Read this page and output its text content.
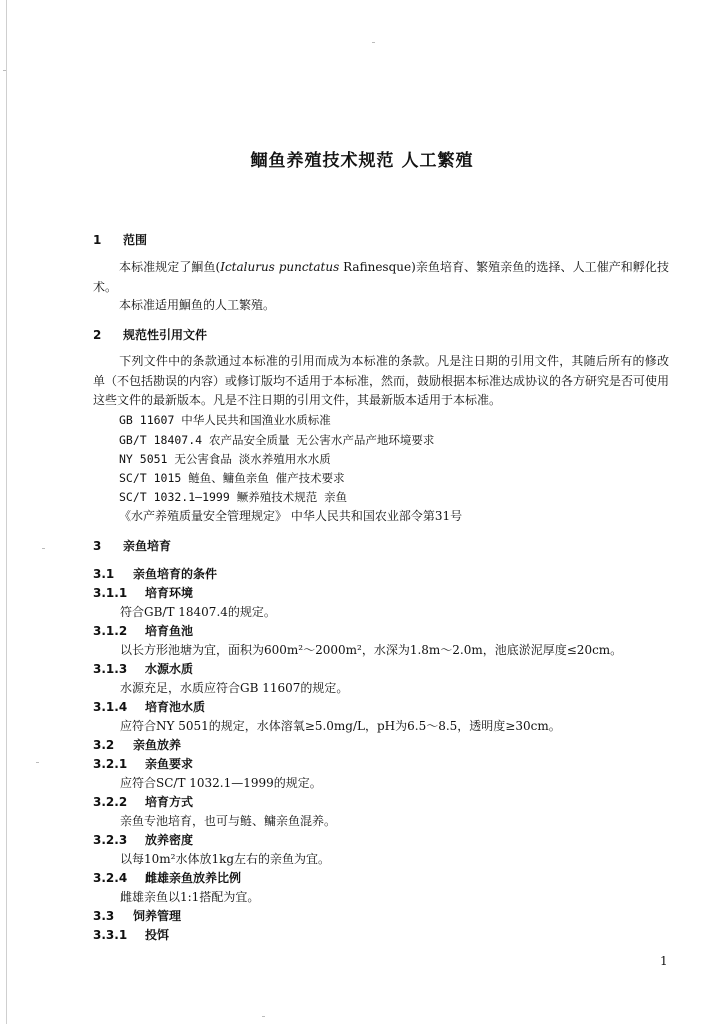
鲴鱼养殖技术规范 人工繁殖
1 范围
本标准规定了鮰鱼(Ictalurus punctatus Rafinesque)亲鱼培育、繁殖亲鱼的选择、人工催产和孵化技术。
本标准适用鮰鱼的人工繁殖。
2 规范性引用文件
下列文件中的条款通过本标准的引用而成为本标准的条款。凡是注日期的引用文件，其随后所有的修改单（不包括勘误的内容）或修订版均不适用于本标准，然而，鼓励根据本标准达成协议的各方研究是否可使用这些文件的最新版本。凡是不注日期的引用文件，其最新版本适用于本标准。
GB 11607 中华人民共和国渔业水质标准
GB/T 18407.4 农产品安全质量 无公害水产品产地环境要求
NY 5051 无公害食品 淡水养殖用水水质
SC/T 1015 鲢鱼、鳙鱼亲鱼 催产技术要求
SC/T 1032.1—1999 鳜养殖技术规范 亲鱼
《水产养殖质量安全管理规定》 中华人民共和国农业部令第31号
3 亲鱼培育
3.1 亲鱼培育的条件
3.1.1 培育环境
符合GB/T 18407.4的规定。
3.1.2 培育鱼池
以长方形池塘为宜，面积为600m²～2000m²，水深为1.8m～2.0m，池底淤泥厚度≤20cm。
3.1.3 水源水质
水源充足，水质应符合GB 11607的规定。
3.1.4 培育池水质
应符合NY 5051的规定，水体溶氧≥5.0mg/L，pH为6.5～8.5，透明度≥30cm。
3.2 亲鱼放养
3.2.1 亲鱼要求
应符合SC/T 1032.1—1999的规定。
3.2.2 培育方式
亲鱼专池培育，也可与鲢、鳙亲鱼混养。
3.2.3 放养密度
以每10m²水体放1kg左右的亲鱼为宜。
3.2.4 雌雄亲鱼放养比例
雌雄亲鱼以1:1搭配为宜。
3.3 饲养管理
3.3.1 投饵
1
